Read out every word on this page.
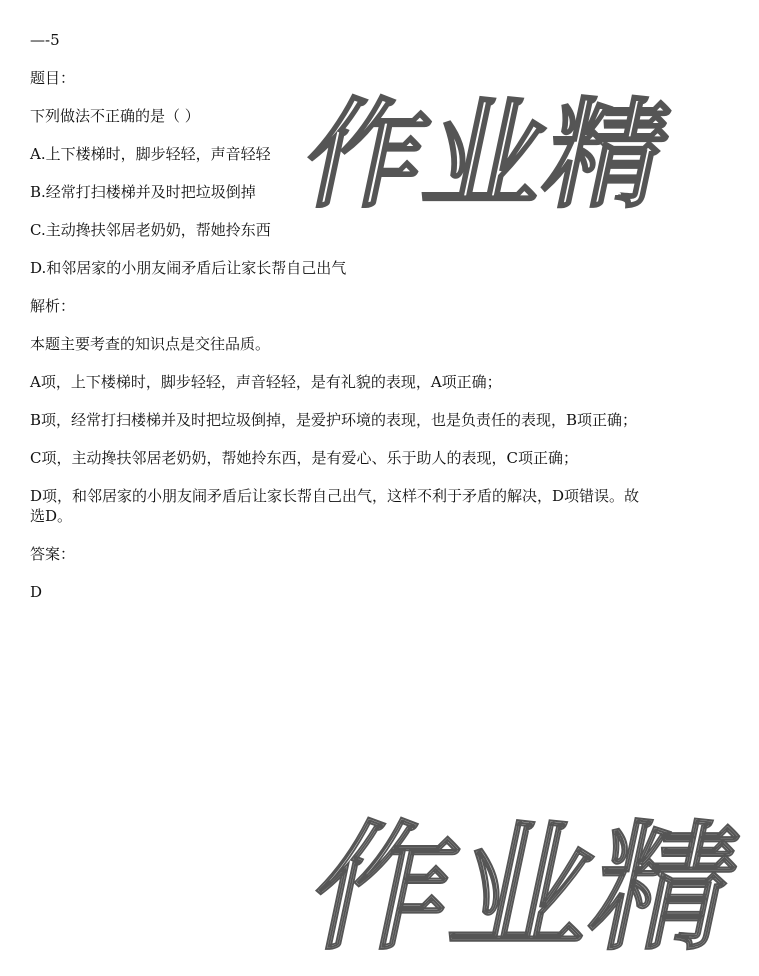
—-5
题目：
下列做法不正确的是（ ）
A.上下楼梯时，脚步轻轻，声音轻轻
B.经常打扫楼梯并及时把垃圾倒掉
C.主动搀扶邻居老奶奶，帮她拎东西
D.和邻居家的小朋友闹矛盾后让家长帮自己出气
解析：
本题主要考查的知识点是交往品质。
A项，上下楼梯时，脚步轻轻，声音轻轻，是有礼貌的表现，A项正确；
B项，经常打扫楼梯并及时把垃圾倒掉，是爱护环境的表现，也是负责任的表现，B项正确；
C项，主动搀扶邻居老奶奶，帮她拎东西，是有爱心、乐于助人的表现，C项正确；
D项，和邻居家的小朋友闹矛盾后让家长帮自己出气，这样不利于矛盾的解决，D项错误。故选D。
答案：
D
作业精
作业精
